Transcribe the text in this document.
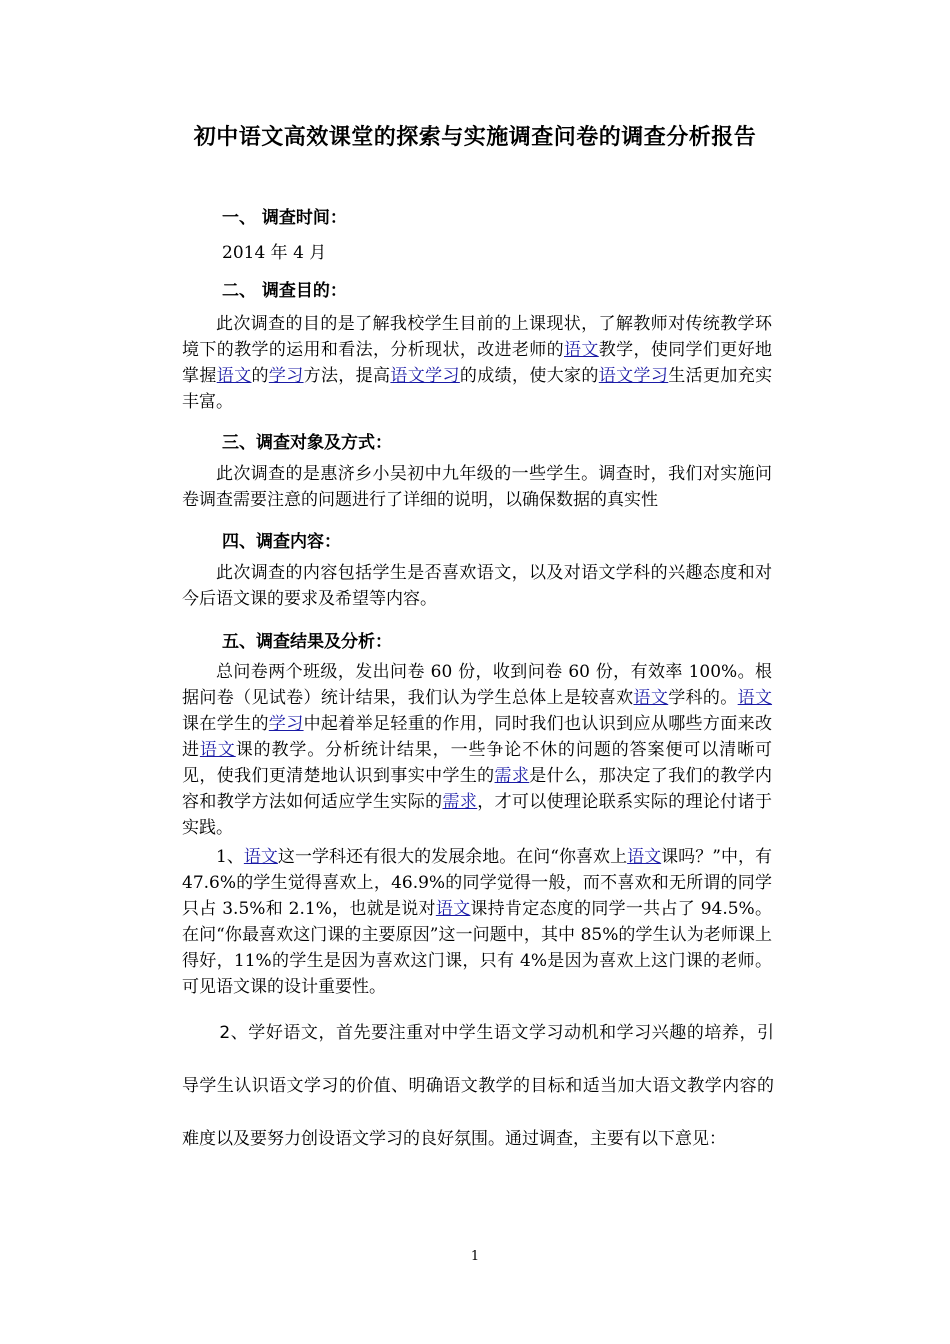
初中语文高效课堂的探索与实施调查问卷的调查分析报告
一、 调查时间：
2014 年 4 月
二、 调查目的：
此次调查的目的是了解我校学生目前的上课现状，了解教师对传统教学环境下的教学的运用和看法，分析现状，改进老师的语文教学，使同学们更好地掌握语文的学习方法，提高语文学习的成绩，使大家的语文学习生活更加充实丰富。
三、调查对象及方式：
此次调查的是惠济乡小吴初中九年级的一些学生。调查时，我们对实施问卷调查需要注意的问题进行了详细的说明，以确保数据的真实性
四、调查内容：
此次调查的内容包括学生是否喜欢语文，以及对语文学科的兴趣态度和对今后语文课的要求及希望等内容。
五、调查结果及分析：
总问卷两个班级，发出问卷 60 份，收到问卷 60 份，有效率 100%。根据问卷（见试卷）统计结果，我们认为学生总体上是较喜欢语文学科的。语文课在学生的学习中起着举足轻重的作用，同时我们也认识到应从哪些方面来改进语文课的教学。分析统计结果，一些争论不休的问题的答案便可以清晰可见，使我们更清楚地认识到事实中学生的需求是什么，那决定了我们的教学内容和教学方法如何适应学生实际的需求，才可以使理论联系实际的理论付诸于实践。
1、语文这一学科还有很大的发展余地。在问“你喜欢上语文课吗？”中，有 47.6%的学生觉得喜欢上，46.9%的同学觉得一般，而不喜欢和无所谓的同学只占 3.5%和 2.1%，也就是说对语文课持肯定态度的同学一共占了 94.5%。在问“你最喜欢这门课的主要原因”这一问题中，其中 85%的学生认为老师课上得好，11%的学生是因为喜欢这门课，只有 4%是因为喜欢上这门课的老师。可见语文课的设计重要性。
2、学好语文，首先要注重对中学生语文学习动机和学习兴趣的培养，引导学生认识语文学习的价值、明确语文教学的目标和适当加大语文教学内容的难度以及要努力创设语文学习的良好氛围。通过调查，主要有以下意见：
1
